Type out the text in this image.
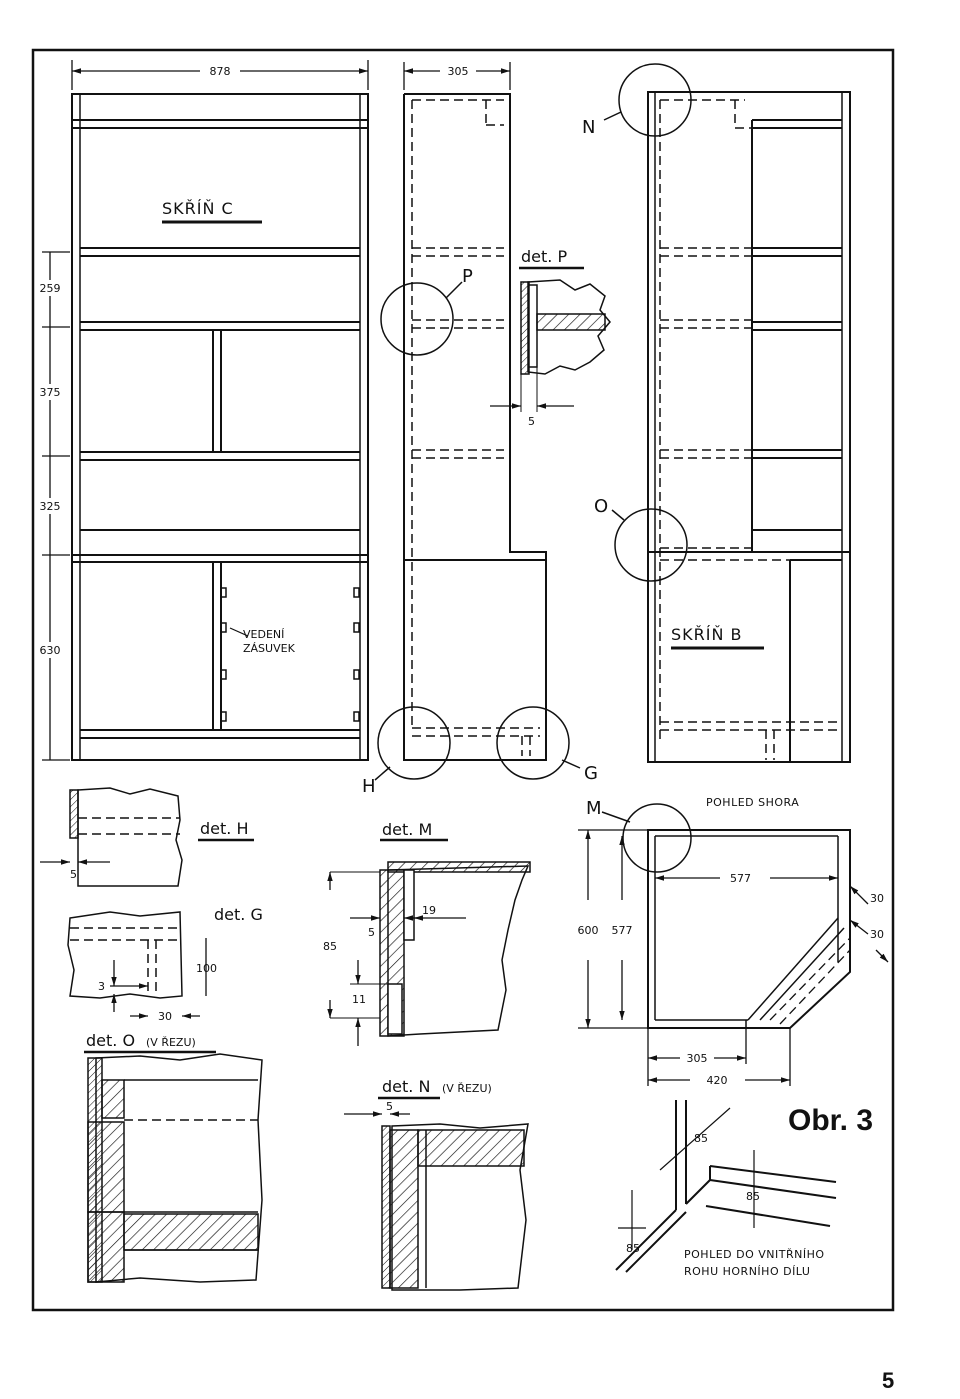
878
259
375
325
630
SKŘÍŇ C
VEDENÍ
ZÁSUVEK
305
P
H
G
det. P
5
N
O
SKŘÍŇ B
det. H
5
det. G
100
3
30
det. M
19
5
85
11
M	POHLED SHORA
577
600 577
30
30
305
420
det. O (V ŘEZU)
det. N (V ŘEZU)
5
85
85
85	POHLED DO VNITŘNÍHO
ROHU HORNÍHO DÍLU
Obr. 3
5
